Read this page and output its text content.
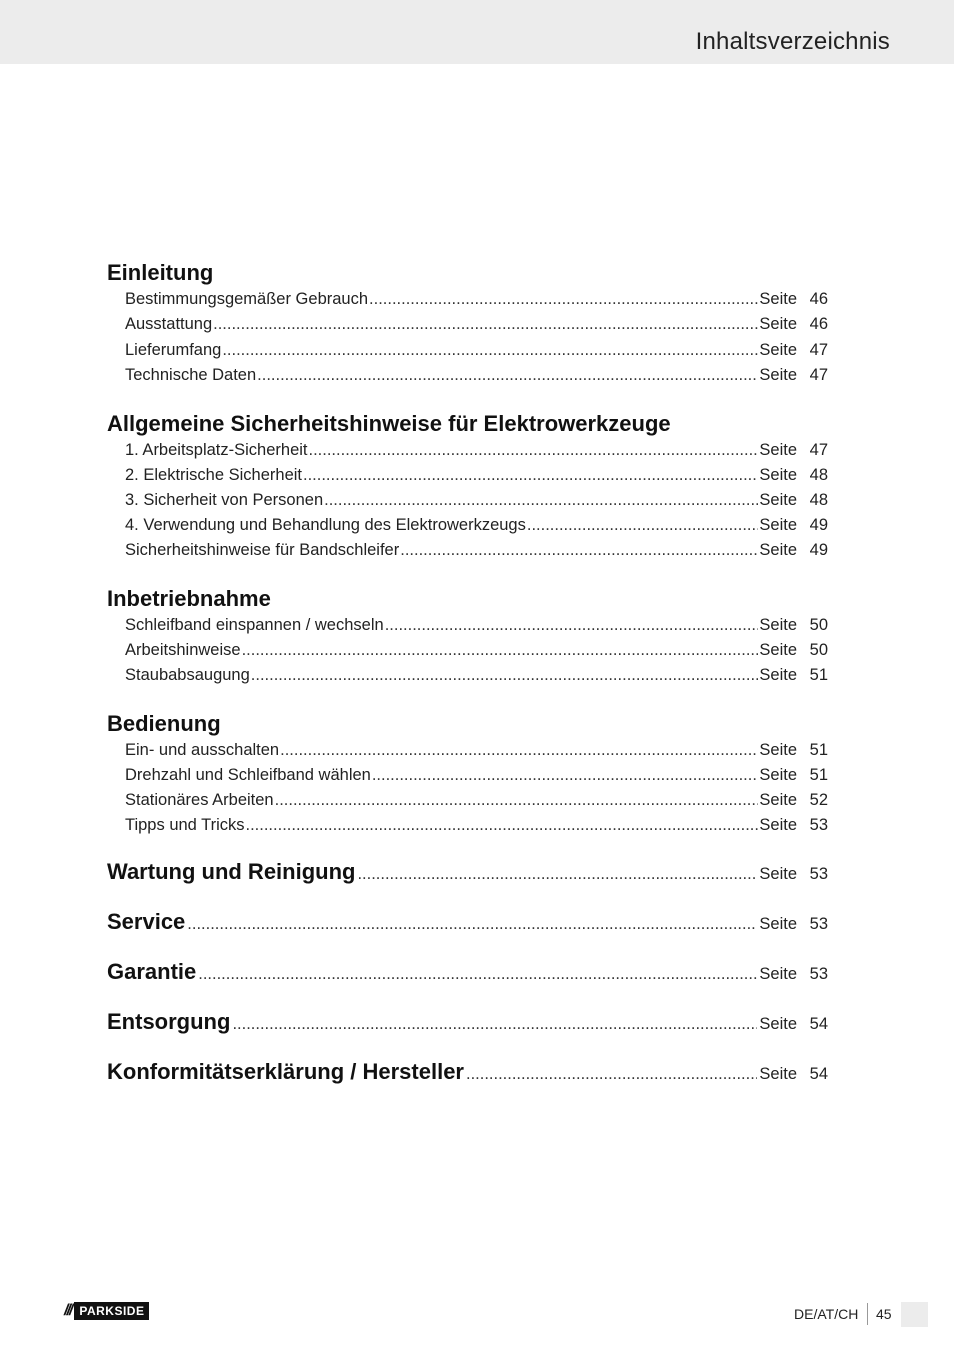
Inhaltsverzeichnis
Einleitung
Bestimmungsgemäßer Gebrauch .....	Seite 46
Ausstattung .....	Seite 46
Lieferumfang .....	Seite 47
Technische Daten .....	Seite 47
Allgemeine Sicherheitshinweise für Elektrowerkzeuge
1. Arbeitsplatz-Sicherheit .....	Seite 47
2. Elektrische Sicherheit .....	Seite 48
3. Sicherheit von Personen .....	Seite 48
4. Verwendung und Behandlung des Elektrowerkzeugs .....	Seite 49
Sicherheitshinweise für Bandschleifer .....	Seite 49
Inbetriebnahme
Schleifband einspannen / wechseln .....	Seite 50
Arbeitshinweise .....	Seite 50
Staubabsaugung .....	Seite 51
Bedienung
Ein- und ausschalten .....	Seite 51
Drehzahl und Schleifband wählen .....	Seite 51
Stationäres Arbeiten .....	Seite 52
Tipps und Tricks .....	Seite 53
Wartung und Reinigung .....	Seite 53
Service .....	Seite 53
Garantie .....	Seite 53
Entsorgung .....	Seite 54
Konformitätserklärung / Hersteller .....	Seite 54
/// PARKSIDE	DE/AT/CH 45
